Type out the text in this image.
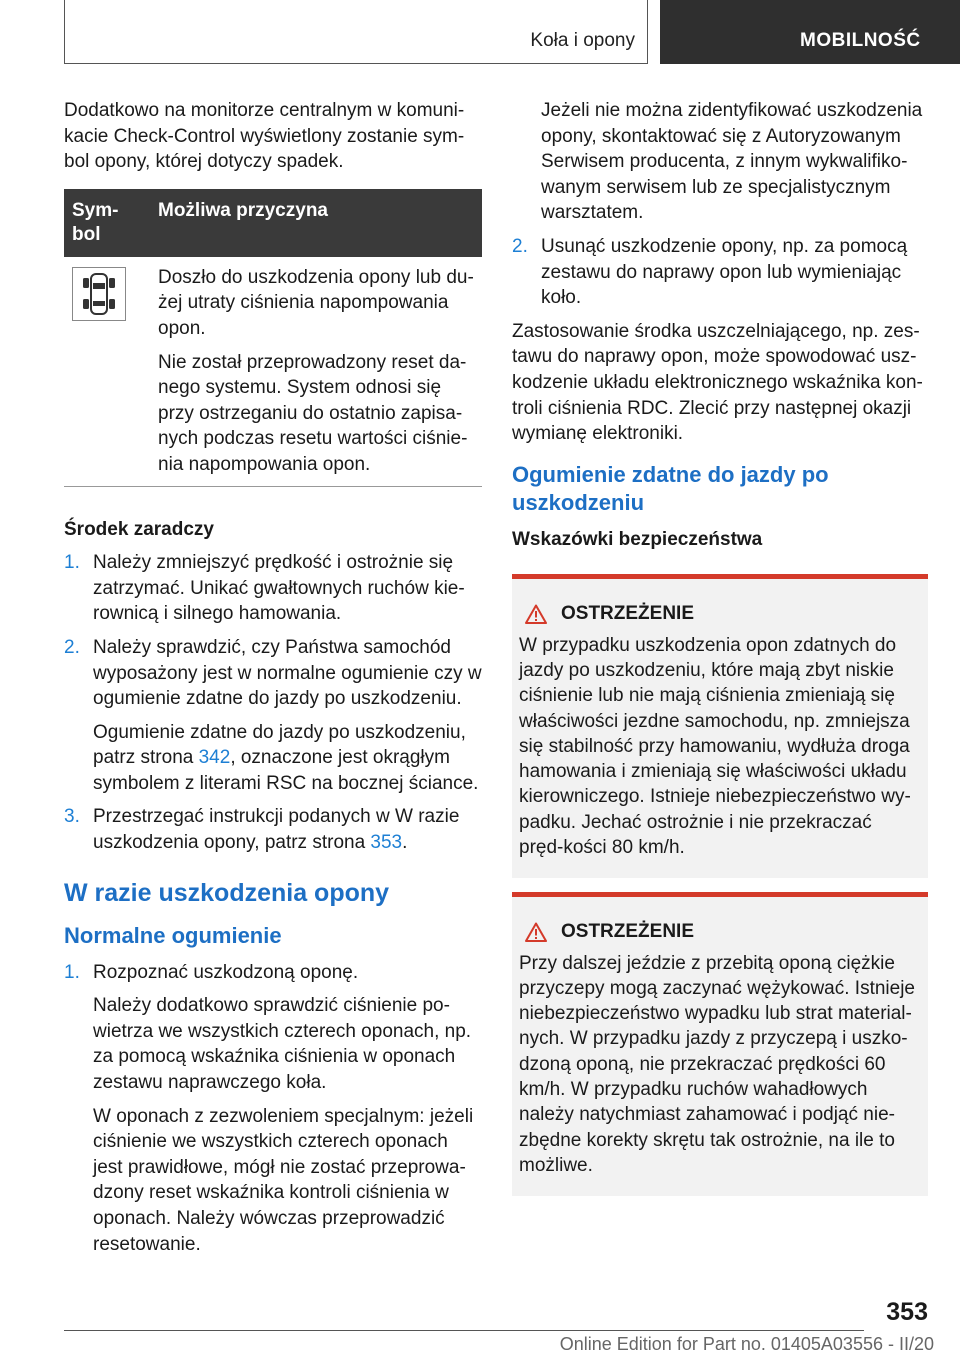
Koła i opony	MOBILNOŚĆ

Dodatkowo na monitorze centralnym w komuni-kacie Check-Control wyświetlony zostanie sym-bol opony, której dotyczy spadek.

Sym-bol	Możliwa przyczyna

Doszło do uszkodzenia opony lub du-żej utraty ciśnienia napompowania opon.

Nie został przeprowadzony reset da-nego systemu. System odnosi się przy ostrzeganiu do ostatnio zapisa-nych podczas resetu wartości ciśnie-nia napompowania opon.

Środek zaradczy
1. Należy zmniejszyć prędkość i ostrożnie się zatrzymać. Unikać gwałtownych ruchów kie-rownicą i silnego hamowania.

2. Należy sprawdzić, czy Państwa samochód wyposażony jest w normalne ogumienie czy w ogumienie zdatne do jazdy po uszkodzeniu.

Ogumienie zdatne do jazdy po uszkodzeniu, patrz strona 342, oznaczone jest okrągłym symbolem z literami RSC na bocznej ściance.

3. Przestrzegać instrukcji podanych w W razie uszkodzenia opony, patrz strona 353.

W razie uszkodzenia opony
Normalne ogumienie
1. Rozpoznać uszkodzoną oponę.

Należy dodatkowo sprawdzić ciśnienie po-wietrza we wszystkich czterech oponach, np. za pomocą wskaźnika ciśnienia w oponach zestawu naprawczego koła.

W oponach z zezwoleniem specjalnym: jeżeli ciśnienie we wszystkich czterech oponach jest prawidłowe, mógł nie zostać przeprowa-dzony reset wskaźnika kontroli ciśnienia w oponach. Należy wówczas przeprowadzić resetowanie.

Jeżeli nie można zidentyfikować uszkodzenia opony, skontaktować się z Autoryzowanym Serwisem producenta, z innym wykwalifiko-wanym serwisem lub ze specjalistycznym warsztatem.

2. Usunąć uszkodzenie opony, np. za pomocą zestawu do naprawy opon lub wymieniając koło.

Zastosowanie środka uszczelniającego, np. zes-tawu do naprawy opon, może spowodować usz-kodzenie układu elektronicznego wskaźnika kon-troli ciśnienia RDC. Zlecić przy następnej okazji wymianę elektroniki.

Ogumienie zdatne do jazdy po uszkodzeniu
Wskazówki bezpieczeństwa
OSTRZEŻENIE
W przypadku uszkodzenia opon zdatnych do jazdy po uszkodzeniu, które mają zbyt niskie ciśnienie lub nie mają ciśnienia zmieniają się właściwości jezdne samochodu, np. zmniejsza się stabilność przy hamowaniu, wydłuża droga hamowania i zmieniają się właściwości układu kierowniczego. Istnieje niebezpieczeństwo wy-padku. Jechać ostrożnie i nie przekraczać pręd-kości 80 km/h.
OSTRZEŻENIE
Przy dalszej jeździe z przebitą oponą ciężkie przyczepy mogą zaczynać wężykować. Istnieje niebezpieczeństwo wypadku lub strat material-nych. W przypadku jazdy z przyczepą i uszko-dzoną oponą, nie przekraczać prędkości 60 km/h. W przypadku ruchów wahadłowych należy natychmiast zahamować i podjąć nie-zbędne korekty skrętu tak ostrożnie, na ile to możliwe.
353
Online Edition for Part no. 01405A03556 - II/20
